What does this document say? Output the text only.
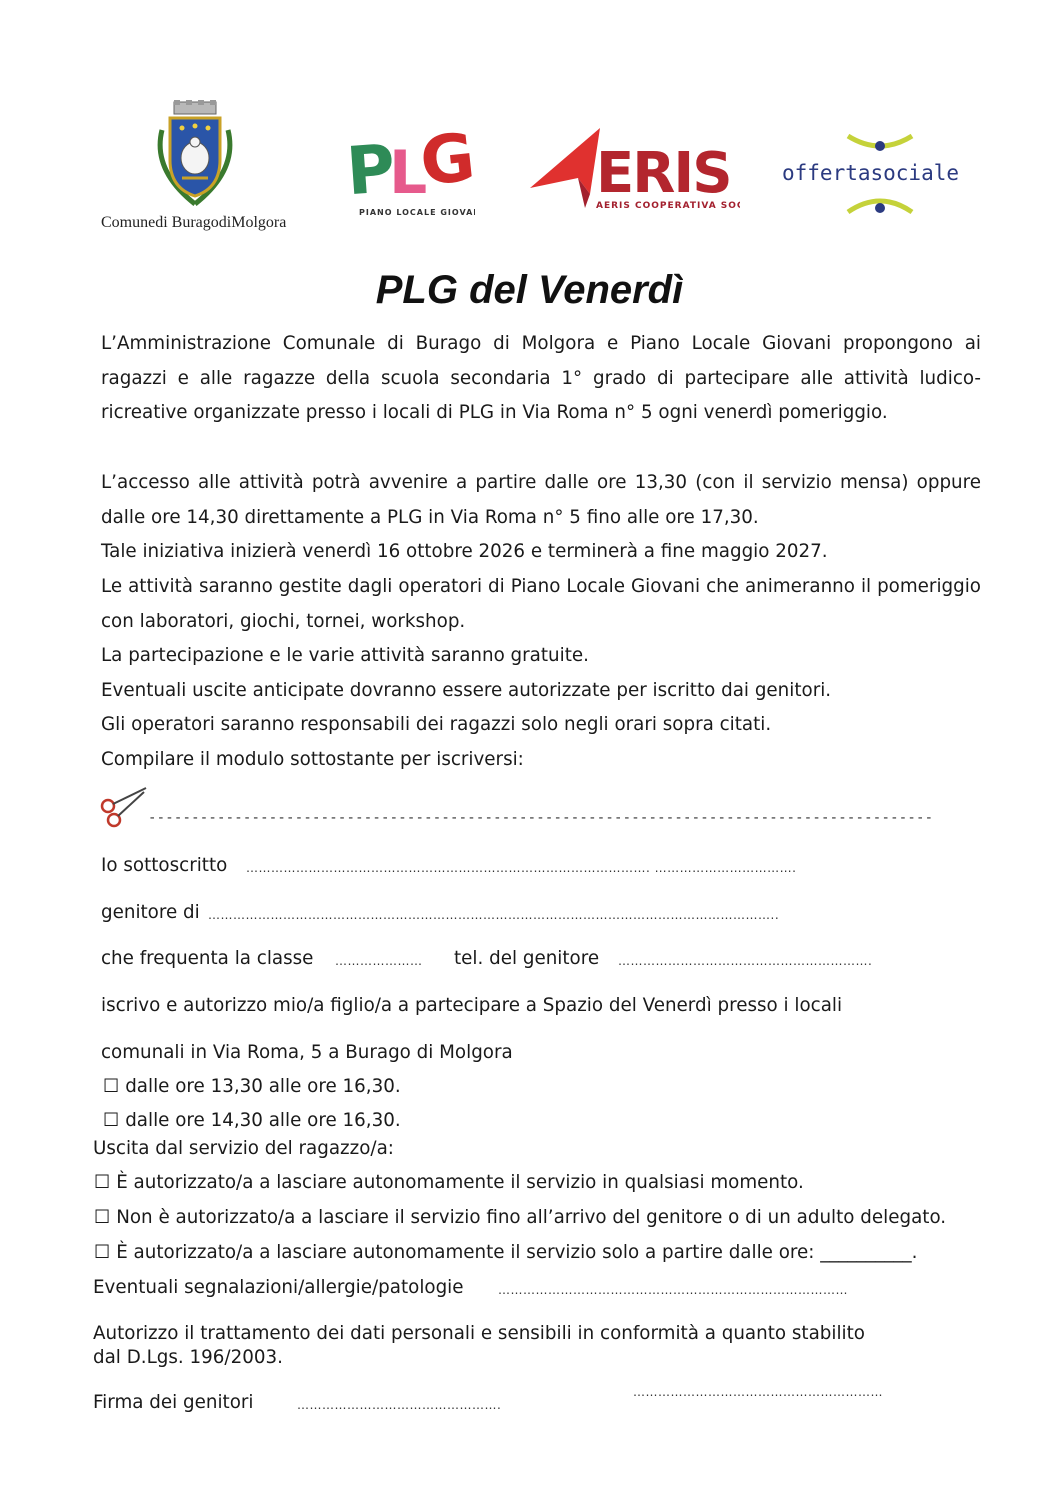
Comunedi BuragodiMolgora
P
L
G
PIANO LOCALE GIOVANI
ERIS
AERIS COOPERATIVA SO
offertasociale
PLG del Venerdì
L’Amministrazione Comunale di Burago di Molgora e Piano Locale Giovani propongono ai ragazzi e alle ragazze della scuola secondaria 1° grado di partecipare alle attività ludico-ricreative organizzate presso i locali di PLG in Via Roma n° 5 ogni venerdì pomeriggio.
L’accesso alle attività potrà avvenire a partire dalle ore 13,30 (con il servizio mensa) oppure dalle ore 14,30 direttamente a PLG in Via Roma n° 5 fino alle ore 17,30.
Tale iniziativa inizierà venerdì 16 ottobre 2026 e terminerà a fine maggio 2027.
Le attività saranno gestite dagli operatori di Piano Locale Giovani che animeranno il pomeriggio con laboratori, giochi, tornei, workshop.
La partecipazione e le varie attività saranno gratuite.
Eventuali uscite anticipate dovranno essere autorizzate per iscritto dai genitori.
Gli operatori saranno responsabili dei ragazzi solo negli orari sopra citati.
Compilare il modulo sottostante per iscriversi:
-------------------------------------------------------------------------------------------
Io sottoscritto ……………………………………………………………………………………. …………………………….
genitore di ………………………………………………………………………………………………………………………..
che frequenta la classe ………………… tel. del genitore …………………………………………………….
iscrivo e autorizzo mio/a figlio/a a partecipare a Spazio del Venerdì presso i locali
comunali in Via Roma, 5 a Burago di Molgora
☐ dalle ore 13,30 alle ore 16,30.
☐ dalle ore 14,30 alle ore 16,30.
Uscita dal servizio del ragazzo/a:
☐ È autorizzato/a a lasciare autonomamente il servizio in qualsiasi momento.
☐ Non è autorizzato/a a lasciare il servizio fino all’arrivo del genitore o di un adulto delegato.
☐ È autorizzato/a a lasciare autonomamente il servizio solo a partire dalle ore: __________.
Eventuali segnalazioni/allergie/patologie	…………………………………………………………………………
Autorizzo il trattamento dei dati personali e sensibili in conformità a quanto stabilito
dal D.Lgs. 196/2003.
……………………………………………………
Firma dei genitori	………………………………………….
